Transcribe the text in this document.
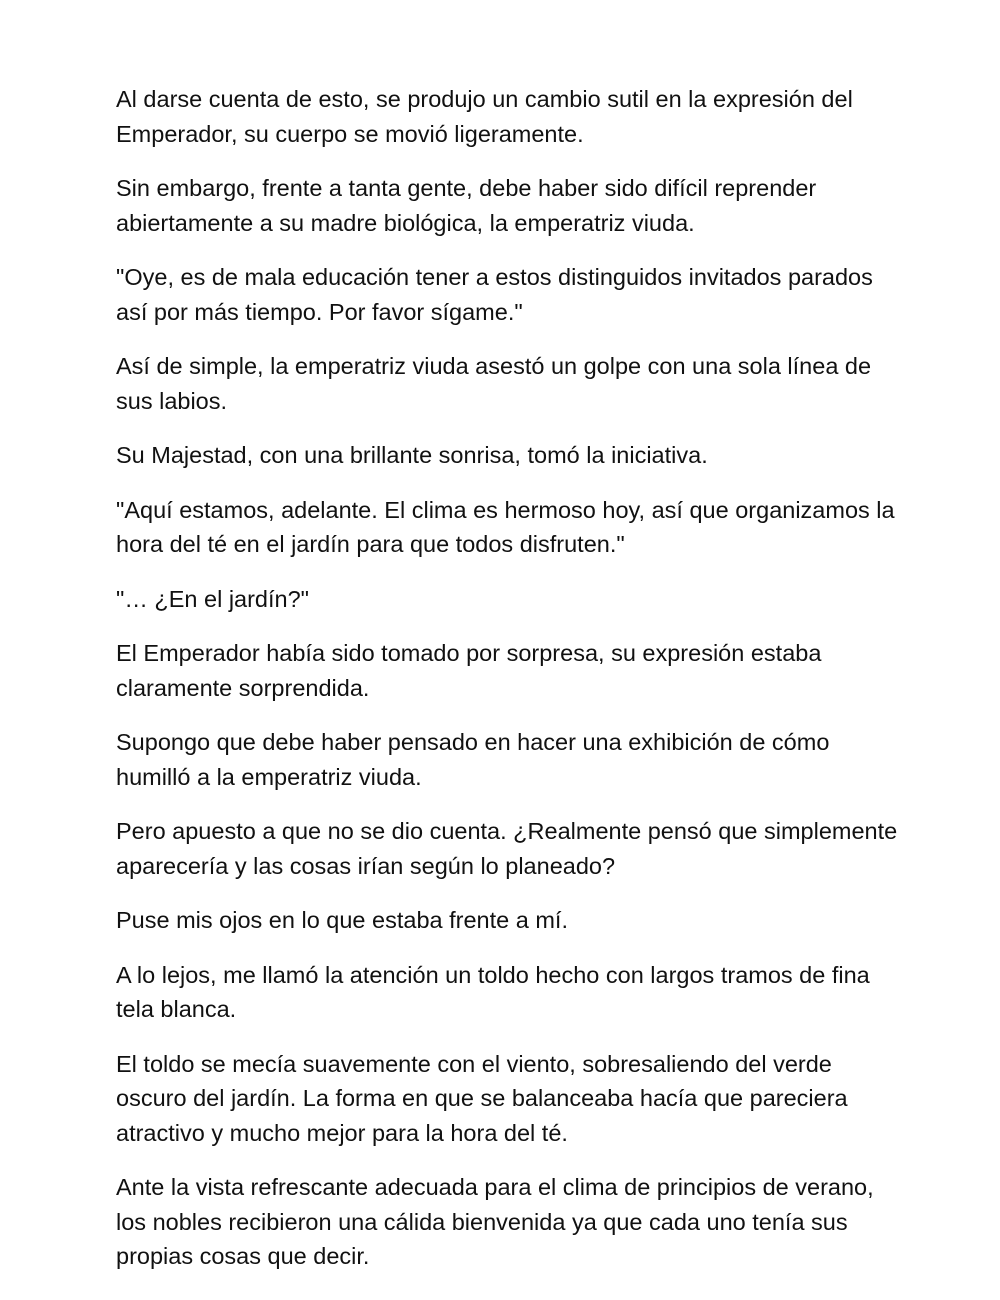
Al darse cuenta de esto, se produjo un cambio sutil en la expresión del Emperador, su cuerpo se movió ligeramente.

Sin embargo, frente a tanta gente, debe haber sido difícil reprender abiertamente a su madre biológica, la emperatriz viuda.

"Oye, es de mala educación tener a estos distinguidos invitados parados así por más tiempo. Por favor sígame."

Así de simple, la emperatriz viuda asestó un golpe con una sola línea de sus labios.

Su Majestad, con una brillante sonrisa, tomó la iniciativa.

"Aquí estamos, adelante. El clima es hermoso hoy, así que organizamos la hora del té en el jardín para que todos disfruten."

"… ¿En el jardín?"

El Emperador había sido tomado por sorpresa, su expresión estaba claramente sorprendida.

Supongo que debe haber pensado en hacer una exhibición de cómo humilló a la emperatriz viuda.

Pero apuesto a que no se dio cuenta. ¿Realmente pensó que simplemente aparecería y las cosas irían según lo planeado?

Puse mis ojos en lo que estaba frente a mí.

A lo lejos, me llamó la atención un toldo hecho con largos tramos de fina tela blanca.

El toldo se mecía suavemente con el viento, sobresaliendo del verde oscuro del jardín. La forma en que se balanceaba hacía que pareciera atractivo y mucho mejor para la hora del té.

Ante la vista refrescante adecuada para el clima de principios de verano, los nobles recibieron una cálida bienvenida ya que cada uno tenía sus propias cosas que decir.
